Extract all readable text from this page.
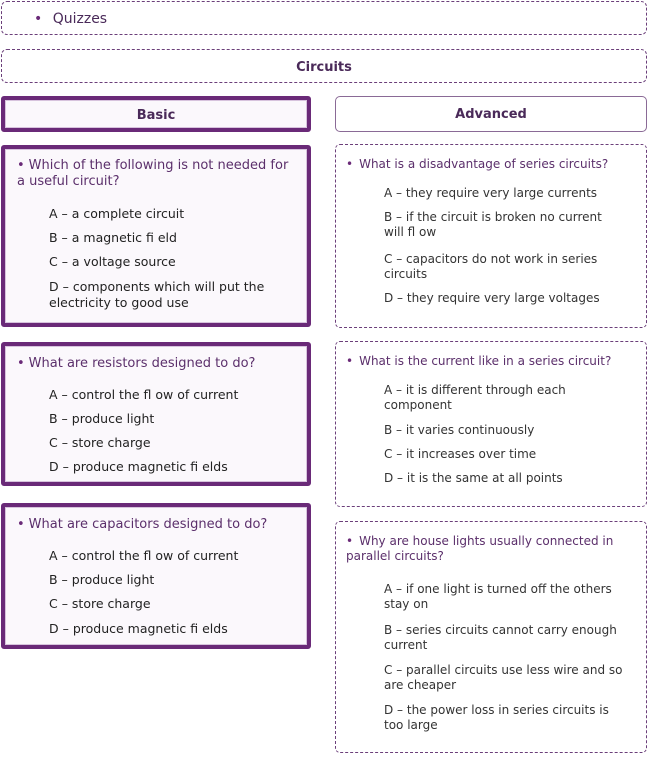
• Quizzes
Circuits
Basic	Advanced
• Which of the following is not needed for a useful circuit?
A – a complete circuit
B – a magnetic fi eld
C – a voltage source
D – components which will put the electricity to good use
• What are resistors designed to do?
A – control the fl ow of current
B – produce light
C – store charge
D – produce magnetic fi elds
• What are capacitors designed to do?
A – control the fl ow of current
B – produce light
C – store charge
D – produce magnetic fi elds
• What is a disadvantage of series circuits?
A – they require very large currents
B – if the circuit is broken no current will fl ow
C – capacitors do not work in series circuits
D – they require very large voltages
• What is the current like in a series circuit?
A – it is different through each component
B – it varies continuously
C – it increases over time
D – it is the same at all points
• Why are house lights usually connected in parallel circuits?
A – if one light is turned off the others stay on
B – series circuits cannot carry enough current
C – parallel circuits use less wire and so are cheaper
D – the power loss in series circuits is too large
